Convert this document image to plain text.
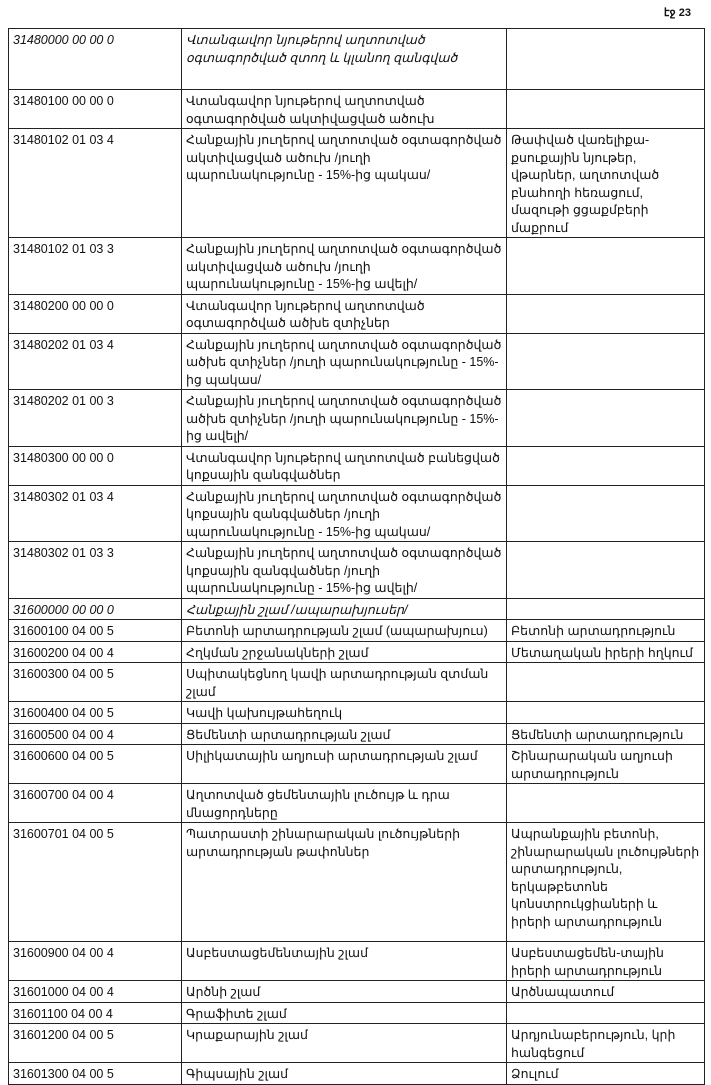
էջ 23
31480000 00 00 0	Վտանգավոր նյութերով աղտոտված օգտագործված զտող և կլանող զանգված	
31480100 00 00 0	Վտանգավոր նյութերով աղտոտված օգտագործված ակտիվացված ածուխ	
31480102 01 03 4	Հանքային յուղերով աղտոտված օգտագործված ակտիվացված ածուխ /յուղի պարունակությունը - 15%-ից պակաս/	Թափված վառելիքա-քսուքային նյութեր, վթարներ, աղտոտված բնահողի հեռացում, մազութի ցցաքմբերի մաքրում
31480102 01 03 3	Հանքային յուղերով աղտոտված օգտագործված ակտիվացված ածուխ /յուղի պարունակությունը - 15%-ից ավելի/	
31480200 00 00 0	Վտանգավոր նյութերով աղտոտված օգտագործված ածխե զտիչներ	
31480202 01 03 4	Հանքային յուղերով աղտոտված օգտագործված ածխե զտիչներ /յուղի պարունակությունը - 15%-ից պակաս/	
31480202 01 00 3	Հանքային յուղերով աղտոտված օգտագործված ածխե զտիչներ /յուղի պարունակությունը - 15%-ից ավելի/	
31480300 00 00 0	Վտանգավոր նյութերով աղտոտված բանեցված կոքսային զանգվածներ	
31480302 01 03 4	Հանքային յուղերով աղտոտված օգտագործված կոքսային զանգվածներ /յուղի պարունակությունը - 15%-ից պակաս/	
31480302 01 03 3	Հանքային յուղերով աղտոտված օգտագործված կոքսային զանգվածներ /յուղի պարունակությունը - 15%-ից ավելի/	
31600000 00 00 0	Հանքային շլամ /ապարախյուսեր/	
31600100 04 00 5	Բետոնի արտադրության շլամ (ապարախյուս)	Բետոնի արտադրություն
31600200 04 00 4	Հղկման շրջանակների շլամ	Մետաղական իրերի հղկում
31600300 04 00 5	Սպիտակեցնող կավի արտադրության զտման շլամ	
31600400 04 00 5	Կավի կախույթահեղուկ	
31600500 04 00 4	Ցեմենտի արտադրության շլամ	Ցեմենտի արտադրություն
31600600 04 00 5	Սիլիկատային աղյուսի արտադրության շլամ	Շինարարական աղյուսի արտադրություն
31600700 04 00 4	Աղտոտված ցեմենտային լուծույթ և դրա մնացորդները	
31600701 04 00 5	Պատրաստի շինարարական լուծույթների արտադրության թափոններ	Ապրանքային բետոնի, շինարարական լուծույթների արտադրություն, երկաթբետոնե կոնստրուկցիաների և իրերի արտադրություն
31600900 04 00 4	Ասբեստացեմենտային շլամ	Ասբեստացեմեն-տային իրերի արտադրություն
31601000 04 00 4	Արծնի շլամ	Արծնապատում
31601100 04 00 4	Գրաֆիտե շլամ	
31601200 04 00 5	Կրաքարային շլամ	Արդյունաբերություն, կրի հանգեցում
31601300 04 00 5	Գիպսային շլամ	Ձուլում
